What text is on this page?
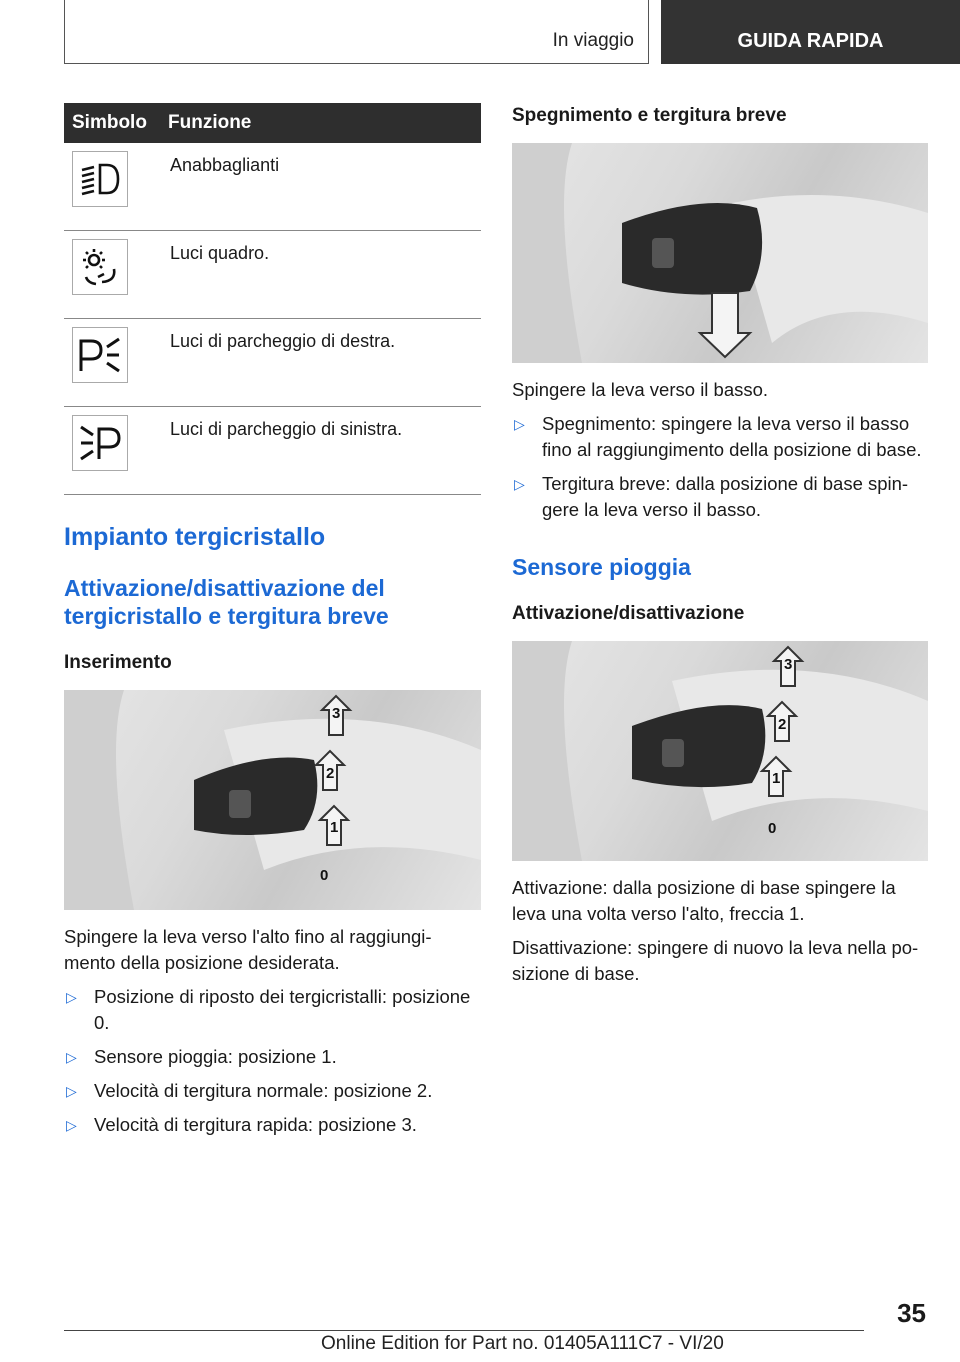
In viaggio	GUIDA RAPIDA
Simbolo	Funzione

	Anabbaglianti

	Luci quadro.

	Luci di parcheggio di destra.

	Luci di parcheggio di sinistra.
Impianto tergicristallo
Attivazione/disattivazione del tergicristallo e tergitura breve
Inserimento
3
2
1
0

Spingere la leva verso l'alto fino al raggiungi-mento della posizione desiderata.

▷ Posizione di riposto dei tergicristalli: posizione 0.
▷ Sensore pioggia: posizione 1.
▷ Velocità di tergitura normale: posizione 2.
▷ Velocità di tergitura rapida: posizione 3.
Spegnimento e tergitura breve

Spingere la leva verso il basso.

▷ Spegnimento: spingere la leva verso il basso fino al raggiungimento della posizione di base.
▷ Tergitura breve: dalla posizione di base spin-gere la leva verso il basso.
Sensore pioggia
Attivazione/disattivazione
3
2
1
0

Attivazione: dalla posizione di base spingere la leva una volta verso l'alto, freccia 1.

Disattivazione: spingere di nuovo la leva nella po-sizione di base.

35
Online Edition for Part no. 01405A111C7 - VI/20
